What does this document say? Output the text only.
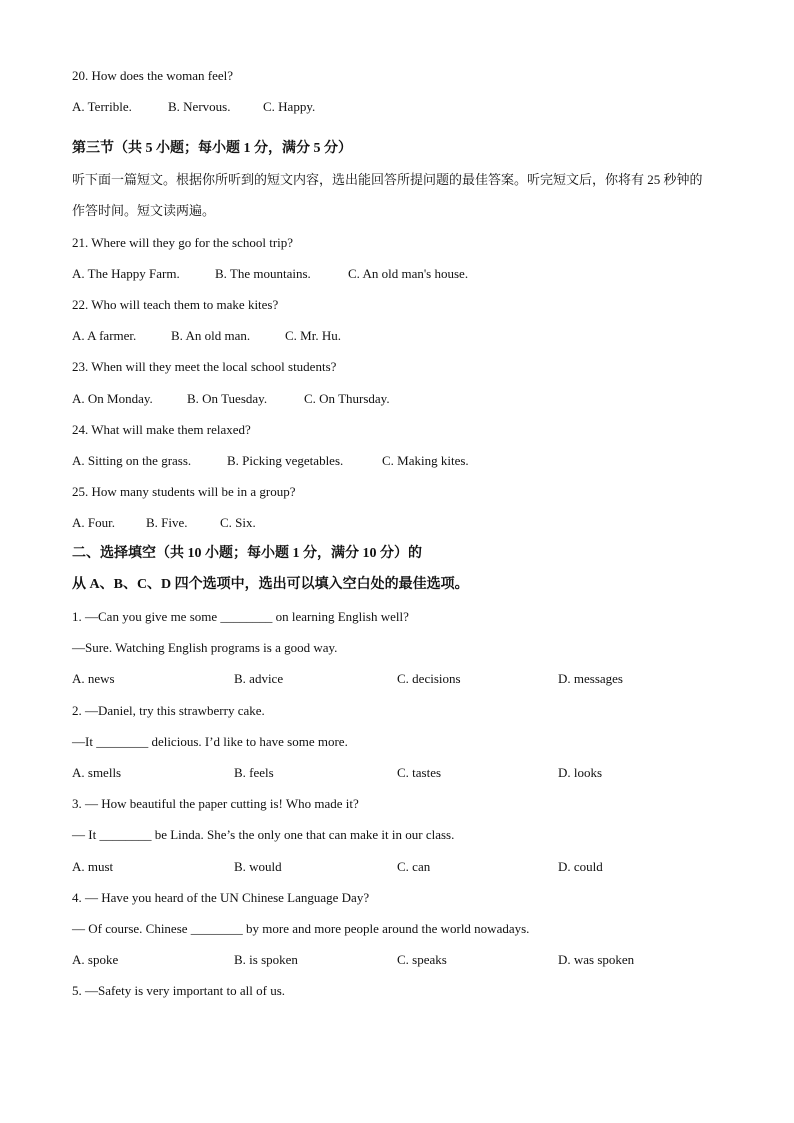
20. How does the woman feel?
A. Terrible.	B. Nervous.	C. Happy.
第三节（共 5 小题；每小题 1 分，满分 5 分）
听下面一篇短文。根据你所听到的短文内容，选出能回答所提问题的最佳答案。听完短文后，你将有 25 秒钟的作答时间。短文读两遍。
21. Where will they go for the school trip?
A. The Happy Farm.	B. The mountains.	C. An old man's house.
22. Who will teach them to make kites?
A. A farmer.	B. An old man.	C. Mr. Hu.
23. When will they meet the local school students?
A. On Monday.	B. On Tuesday.	C. On Thursday.
24. What will make them relaxed?
A. Sitting on the grass.	B. Picking vegetables.	C. Making kites.
25. How many students will be in a group?
A. Four. B. Five. C. Six.
二、选择填空（共 10 小题；每小题 1 分，满分 10 分）的
从 A、B、C、D 四个选项中，选出可以填入空白处的最佳选项。
1. —Can you give me some ________ on learning English well?
—Sure. Watching English programs is a good way.
A. news	B. advice	C. decisions	D. messages
2. —Daniel, try this strawberry cake.
—It ________ delicious. I’d like to have some more.
A. smells	B. feels	C. tastes	D. looks
3. — How beautiful the paper cutting is! Who made it?
— It ________ be Linda. She’s the only one that can make it in our class.
A. must	B. would	C. can	D. could
4. — Have you heard of the UN Chinese Language Day?
— Of course. Chinese ________ by more and more people around the world nowadays.
A. spoke	B. is spoken	C. speaks	D. was spoken
5. —Safety is very important to all of us.
